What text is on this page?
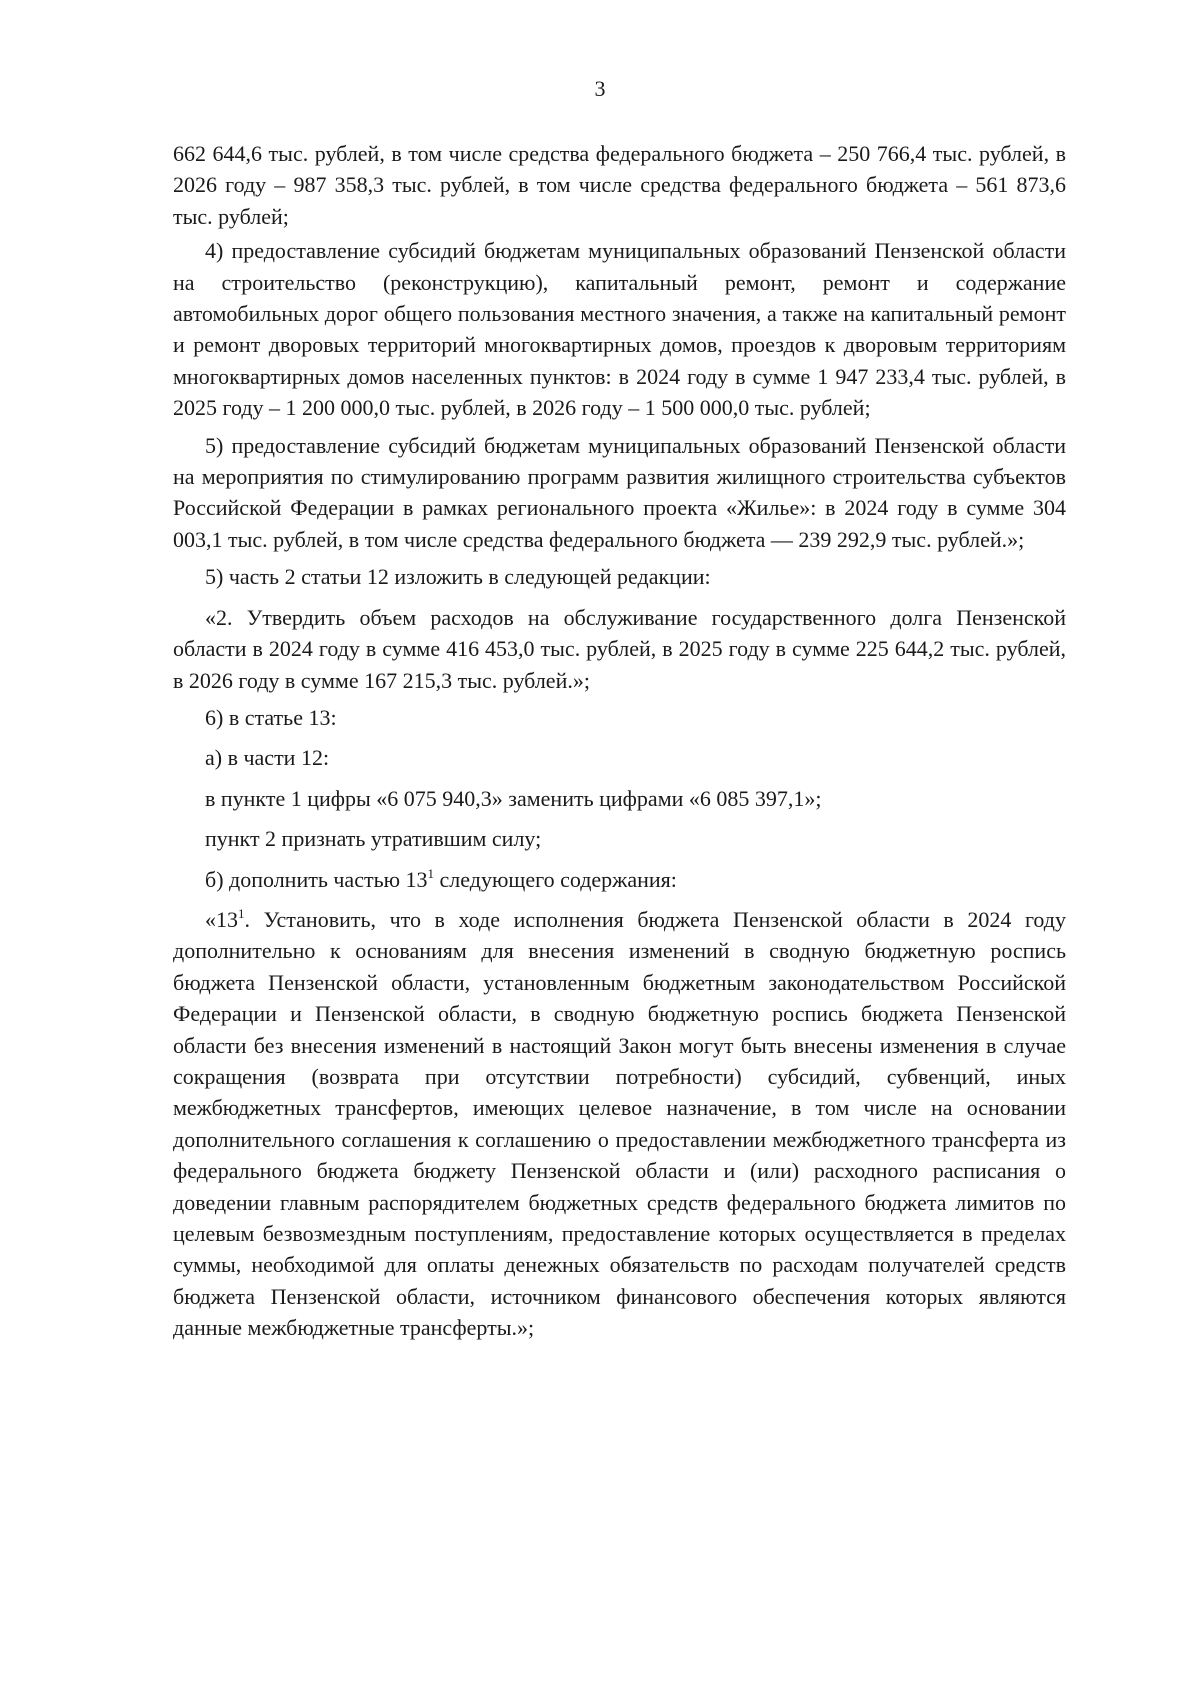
3

662 644,6 тыс. рублей, в том числе средства федерального бюджета – 250 766,4 тыс. рублей, в 2026 году – 987 358,3 тыс. рублей, в том числе средства федерального бюджета – 561 873,6 тыс. рублей;

4) предоставление субсидий бюджетам муниципальных образований Пензенской области на строительство (реконструкцию), капитальный ремонт, ремонт и содержание автомобильных дорог общего пользования местного значения, а также на капитальный ремонт и ремонт дворовых территорий многоквартирных домов, проездов к дворовым территориям многоквартирных домов населенных пунктов: в 2024 году в сумме 1 947 233,4 тыс. рублей, в 2025 году – 1 200 000,0 тыс. рублей, в 2026 году – 1 500 000,0 тыс. рублей;

5) предоставление субсидий бюджетам муниципальных образований Пензенской области на мероприятия по стимулированию программ развития жилищного строительства субъектов Российской Федерации в рамках регионального проекта «Жилье»: в 2024 году в сумме 304 003,1 тыс. рублей, в том числе средства федерального бюджета — 239 292,9 тыс. рублей.»;

5) часть 2 статьи 12 изложить в следующей редакции:

«2. Утвердить объем расходов на обслуживание государственного долга Пензенской области в 2024 году в сумме 416 453,0 тыс. рублей, в 2025 году в сумме 225 644,2 тыс. рублей, в 2026 году в сумме 167 215,3 тыс. рублей.»;

6) в статье 13:

а) в части 12:

в пункте 1 цифры «6 075 940,3» заменить цифрами «6 085 397,1»;

пункт 2 признать утратившим силу;

б) дополнить частью $13^1$ следующего содержания:

«$13^1$. Установить, что в ходе исполнения бюджета Пензенской области в 2024 году дополнительно к основаниям для внесения изменений в сводную бюджетную роспись бюджета Пензенской области, установленным бюджетным законодательством Российской Федерации и Пензенской области, в сводную бюджетную роспись бюджета Пензенской области без внесения изменений в настоящий Закон могут быть внесены изменения в случае сокращения (возврата при отсутствии потребности) субсидий, субвенций, иных межбюджетных трансфертов, имеющих целевое назначение, в том числе на основании дополнительного соглашения к соглашению о предоставлении межбюджетного трансферта из федерального бюджета бюджету Пензенской области и (или) расходного расписания о доведении главным распорядителем бюджетных средств федерального бюджета лимитов по целевым безвозмездным поступлениям, предоставление которых осуществляется в пределах суммы, необходимой для оплаты денежных обязательств по расходам получателей средств бюджета Пензенской области, источником финансового обеспечения которых являются данные межбюджетные трансферты.»;
